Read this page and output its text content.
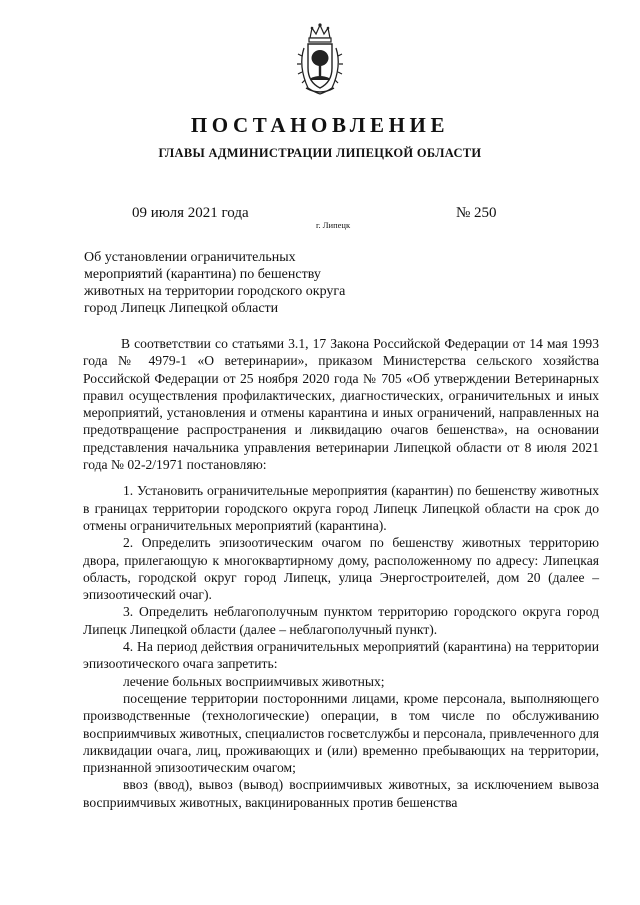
ПОСТАНОВЛЕНИЕ
ГЛАВЫ АДМИНИСТРАЦИИ ЛИПЕЦКОЙ ОБЛАСТИ
09 июля 2021 года
г. Липецк
№ 250
Об установлении ограничительных мероприятий (карантина) по бешенству животных на территории городского округа город Липецк Липецкой области

В соответствии со статьями 3.1, 17 Закона Российской Федерации от 14 мая 1993 года № 4979-1 «О ветеринарии», приказом Министерства сельского хозяйства Российской Федерации от 25 ноября 2020 года № 705 «Об утверждении Ветеринарных правил осуществления профилактических, диагностических, ограничительных и иных мероприятий, установления и отмены карантина и иных ограничений, направленных на предотвращение распространения и ликвидацию очагов бешенства», на основании представления начальника управления ветеринарии Липецкой области от 8 июля 2021 года № 02-2/1971 постановляю:

1. Установить ограничительные мероприятия (карантин) по бешенству животных в границах территории городского округа город Липецк Липецкой области на срок до отмены ограничительных мероприятий (карантина).

2. Определить эпизоотическим очагом по бешенству животных территорию двора, прилегающую к многоквартирному дому, расположенному по адресу: Липецкая область, городской округ город Липецк, улица Энергостроителей, дом 20 (далее – эпизоотический очаг).

3. Определить неблагополучным пунктом территорию городского округа город Липецк Липецкой области (далее – неблагополучный пункт).

4. На период действия ограничительных мероприятий (карантина) на территории эпизоотического очага запретить:

лечение больных восприимчивых животных;

посещение территории посторонними лицами, кроме персонала, выполняющего производственные (технологические) операции, в том числе по обслуживанию восприимчивых животных, специалистов госветслужбы и персонала, привлеченного для ликвидации очага, лиц, проживающих и (или) временно пребывающих на территории, признанной эпизоотическим очагом;

ввоз (ввод), вывоз (вывод) восприимчивых животных, за исключением вывоза восприимчивых животных, вакцинированных против бешенства
